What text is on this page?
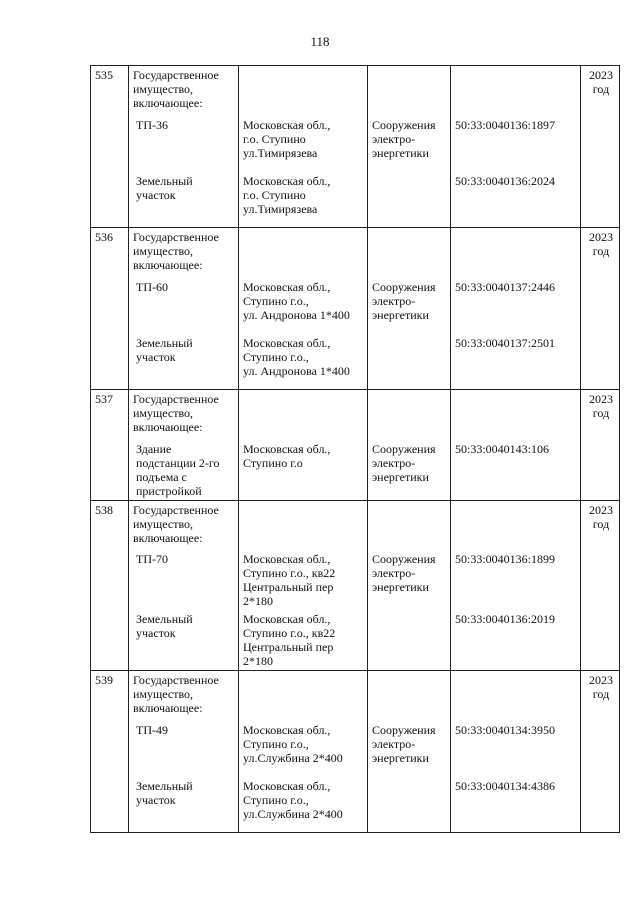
118
535	Государственное
имущество,
включающее:				2023
год

	ТП-36	Московская обл.,
г.о. Ступино
ул.Тимирязева	Сооружения
электро-
энергетики	50:33:0040136:1897	

	Земельный
участок	Московская обл.,
г.о. Ступино
ул.Тимирязева		50:33:0040136:2024	
536	Государственное
имущество,
включающее:				2023
год

	ТП-60	Московская обл.,
Ступино г.о.,
ул. Андронова 1*400	Сооружения
электро-
энергетики	50:33:0040137:2446	

	Земельный
участок	Московская обл.,
Ступино г.о.,
ул. Андронова 1*400		50:33:0040137:2501	
537	Государственное
имущество,
включающее:				2023
год

	Здание
подстанции 2-го
подъема с
пристройкой	Московская обл.,
Ступино г.о	Сооружения
электро-
энергетики	50:33:0040143:106	
538	Государственное
имущество,
включающее:				2023
год

	ТП-70	Московская обл.,
Ступино г.о., кв22
Центральный пер
2*180	Сооружения
электро-
энергетики	50:33:0040136:1899	

	Земельный
участок	Московская обл.,
Ступино г.о., кв22
Центральный пер
2*180		50:33:0040136:2019	
539	Государственное
имущество,
включающее:				2023
год

	ТП-49	Московская обл.,
Ступино г.о.,
ул.Службина 2*400	Сооружения
электро-
энергетики	50:33:0040134:3950	

	Земельный
участок	Московская обл.,
Ступино г.о.,
ул.Службина 2*400		50:33:0040134:4386	
